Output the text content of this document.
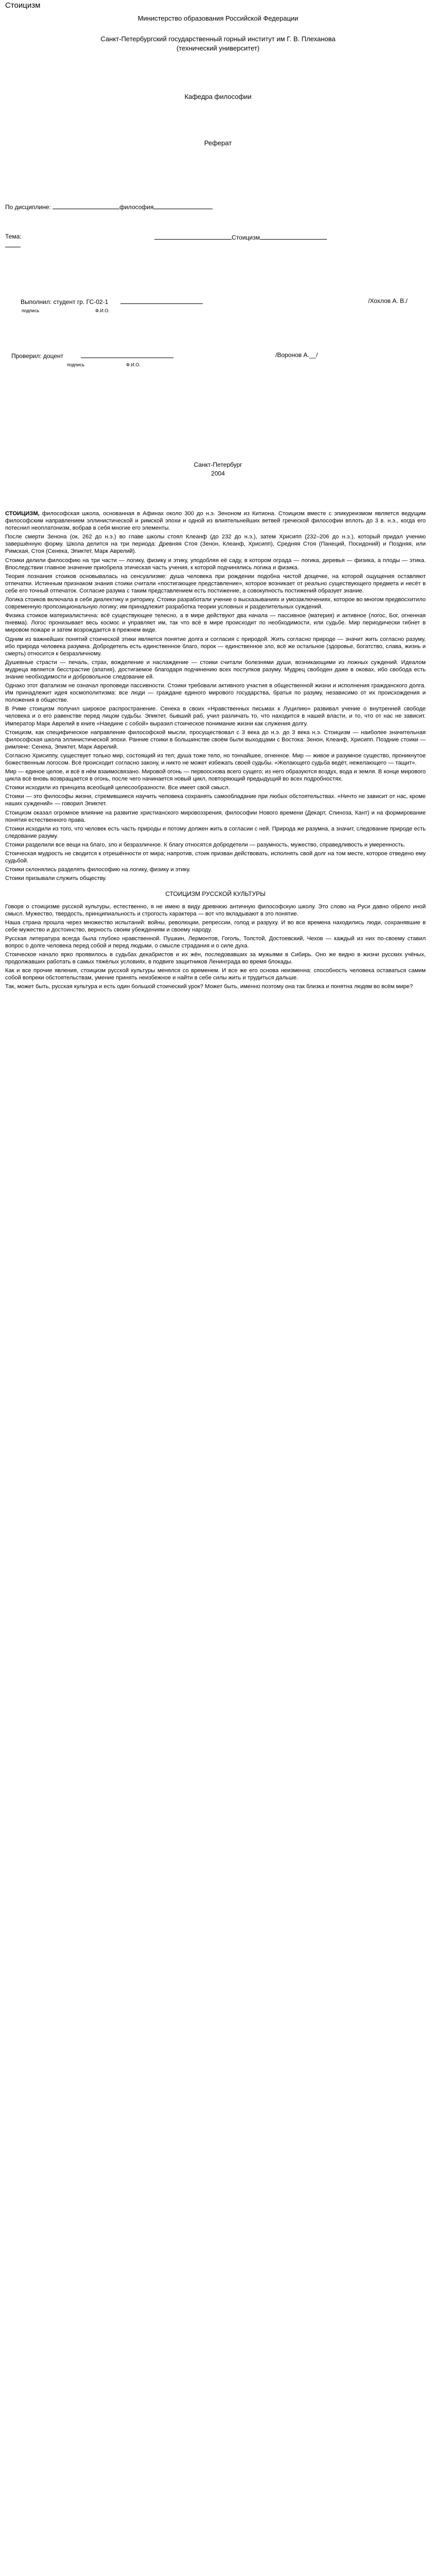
Стоицизм
Министерство образования Российской Федерации
Санкт-Петербургский государственный горный институт им Г. В. Плеханова
(технический университет)
Кафедра философии
Реферат
По дисциплине:	философия
Тема:	Стоицизм
Выполнил: студент гр. ГС-02-1	/Хохлов А. В./
подпись	Ф.И.О.
Проверил: доцент	/Воронов А.__/
подпись	Ф.И.О.
Санкт-Петербург
2004

СТОИЦИЗМ, философская школа, основанная в Афинах около 300 до н.э. Зеноном из Китиона. Стоицизм вместе с эпикуреизмом является ведущим философским направлением эллинистической и римской эпохи и одной из влиятельнейших ветвей греческой философии вплоть до 3 в. н.э., когда его потеснил неоплатонизм, вобрав в себя многие его элементы.

После смерти Зенона (ок. 262 до н.э.) во главе школы стоял Клеанф (до 232 до н.э.), затем Хрисипп (232–206 до н.э.), который придал учению завершённую форму. Школа делится на три периода: Древняя Стоя (Зенон, Клеанф, Хрисипп), Средняя Стоя (Панеций, Посидоний) и Поздняя, или Римская, Стоя (Сенека, Эпиктет, Марк Аврелий).

Стоики делили философию на три части — логику, физику и этику, уподобляя её саду, в котором ограда — логика, деревья — физика, а плоды — этика. Впоследствии главное значение приобрела этическая часть учения, к которой подчинялись логика и физика.

Теория познания стоиков основывалась на сенсуализме: душа человека при рождении подобна чистой дощечке, на которой ощущения оставляют отпечатки. Истинным признаком знания стоики считали «постигающее представление», которое возникает от реально существующего предмета и несёт в себе его точный отпечаток. Согласие разума с таким представлением есть постижение, а совокупность постижений образует знание.

Логика стоиков включала в себя диалектику и риторику. Стоики разработали учение о высказываниях и умозаключениях, которое во многом предвосхитило современную пропозициональную логику; им принадлежит разработка теории условных и разделительных суждений.

Физика стоиков материалистична: всё существующее телесно, а в мире действуют два начала — пассивное (материя) и активное (логос, Бог, огненная пневма). Логос пронизывает весь космос и управляет им, так что всё в мире происходит по необходимости, или судьбе. Мир периодически гибнет в мировом пожаре и затем возрождается в прежнем виде.

Одним из важнейших понятий стоической этики является понятие долга и согласия с природой. Жить согласно природе — значит жить согласно разуму, ибо природа человека разумна. Добродетель есть единственное благо, порок — единственное зло, всё же остальное (здоровье, богатство, слава, жизнь и смерть) относится к безразличному.

Душевные страсти — печаль, страх, вожделение и наслаждение — стоики считали болезнями души, возникающими из ложных суждений. Идеалом мудреца является бесстрастие (апатия), достигаемое благодаря подчинению всех поступков разуму. Мудрец свободен даже в оковах, ибо свобода есть знание необходимости и добровольное следование ей.

Однако этот фатализм не означал проповеди пассивности. Стоики требовали активного участия в общественной жизни и исполнения гражданского долга. Им принадлежит идея космополитизма: все люди — граждане единого мирового государства, братья по разуму, независимо от их происхождения и положения в обществе.

В Риме стоицизм получил широкое распространение. Сенека в своих «Нравственных письмах к Луцилию» развивал учение о внутренней свободе человека и о его равенстве перед лицом судьбы. Эпиктет, бывший раб, учил различать то, что находится в нашей власти, и то, что от нас не зависит. Император Марк Аврелий в книге «Наедине с собой» выразил стоическое понимание жизни как служения долгу.

Стоицизм, как специфическое направление философской мысли, просуществовал с 3 века до н.э. до 3 века н.э. Стоицизм — наиболее значительная философская школа эллинистической эпохи. Ранние стоики в большинстве своём были выходцами с Востока: Зенон, Клеанф, Хрисипп. Поздние стоики — римляне: Сенека, Эпиктет, Марк Аврелий.

Согласно Хрисиппу, существует только мир, состоящий из тел; душа тоже тело, но тончайшее, огненное. Мир — живое и разумное существо, проникнутое божественным логосом. Всё происходит согласно закону, и никто не может избежать своей судьбы. «Желающего судьба ведёт, нежелающего — тащит».

Мир — единое целое, и всё в нём взаимосвязано. Мировой огонь — первооснова всего сущего; из него образуются воздух, вода и земля. В конце мирового цикла всё вновь возвращается в огонь, после чего начинается новый цикл, повторяющий предыдущий во всех подробностях.

Стоики исходили из принципа всеобщей целесообразности. Все имеет свой смысл.

Стоики — это философы жизни, стремившиеся научить человека сохранять самообладание при любых обстоятельствах. «Ничто не зависит от нас, кроме наших суждений» — говорил Эпиктет.

Стоицизм оказал огромное влияние на развитие христианского мировоззрения, философии Нового времени (Декарт, Спиноза, Кант) и на формирование понятия естественного права.

Стоики исходили из того, что человек есть часть природы и потому должен жить в согласии с ней. Природа же разумна, а значит, следование природе есть следование разуму.

Стоики разделили все вещи на благо, зло и безразличное. К благу относятся добродетели — разумность, мужество, справедливость и умеренность.

Стоическая мудрость не сводится к отрешённости от мира; напротив, стоик призван действовать, исполнять свой долг на том месте, которое отведено ему судьбой.

Стоики склонялись разделять философию на логику, физику и этику.

Стоики призывали служить обществу.

СТОИЦИЗМ РУССКОЙ КУЛЬТУРЫ

Говоря о стоицизме русской культуры, естественно, я не имею в виду древнюю античную философскую школу. Это слово на Руси давно обрело иной смысл. Мужество, твердость, принципиальность и строгость характера — вот что вкладывают в это понятие.

Наша страна прошла через множество испытаний: войны, революции, репрессии, голод и разруху. И во все времена находились люди, сохранявшие в себе мужество и достоинство, верность своим убеждениям и своему народу.

Русская литература всегда была глубоко нравственной. Пушкин, Лермонтов, Гоголь, Толстой, Достоевский, Чехов — каждый из них по-своему ставил вопрос о долге человека перед собой и перед людьми, о смысле страдания и о силе духа.

Стоическое начало ярко проявилось в судьбах декабристов и их жён, последовавших за мужьями в Сибирь. Оно же видно в жизни русских учёных, продолжавших работать в самых тяжёлых условиях, в подвиге защитников Ленинграда во время блокады.

Как и все прочие явления, стоицизм русской культуры менялся со временем. И все же его основа неизменна: способность человека оставаться самим собой вопреки обстоятельствам, умение принять неизбежное и найти в себе силы жить и трудиться дальше.

Так, может быть, русская культура и есть один большой стоический урок? Может быть, именно поэтому она так близка и понятна людям во всём мире?
